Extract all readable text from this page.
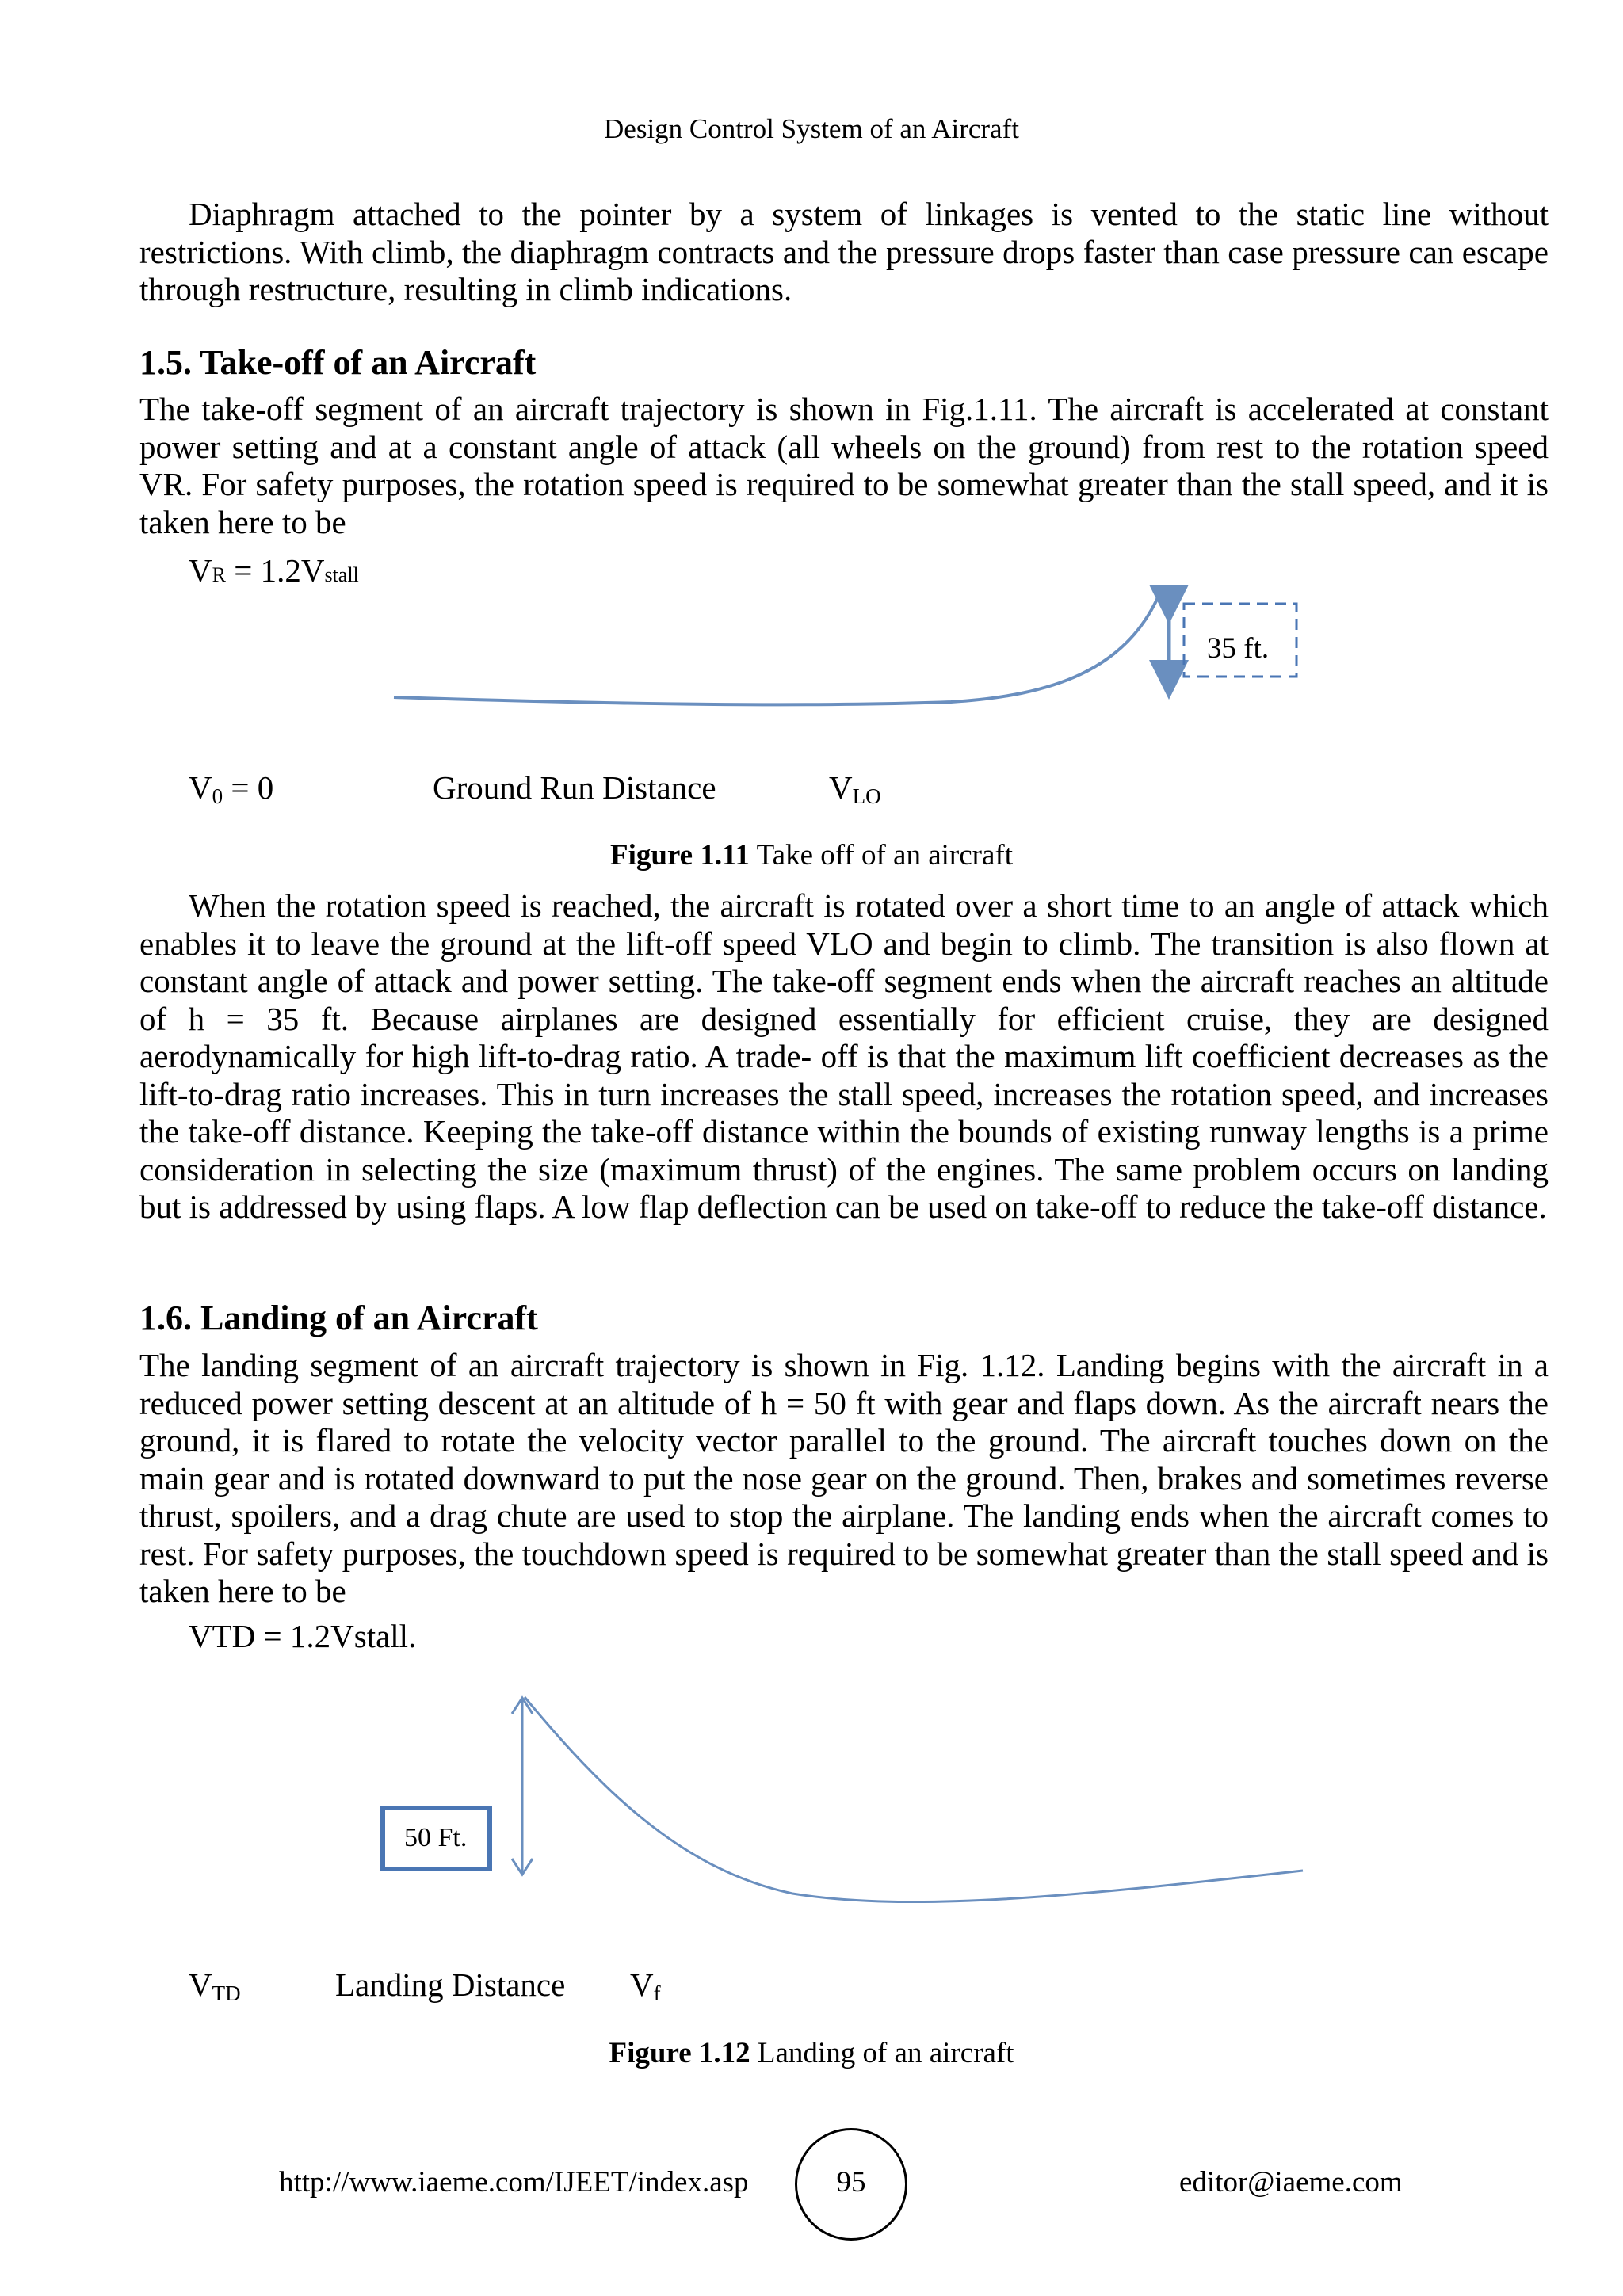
Design Control System of an Aircraft

Diaphragm attached to the pointer by a system of linkages is vented to the static line without restrictions. With climb, the diaphragm contracts and the pressure drops faster than case pressure can escape through restructure, resulting in climb indications.

1.5. Take-off of an Aircraft

The take-off segment of an aircraft trajectory is shown in Fig.1.11. The aircraft is accelerated at constant power setting and at a constant angle of attack (all wheels on the ground) from rest to the rotation speed VR. For safety purposes, the rotation speed is required to be somewhat greater than the stall speed, and it is taken here to be

VR = 1.2Vstall
35 ft.
$V_0 = 0$	Ground Run Distance	$V_{LO}$
Figure 1.11 Take off of an aircraft

When the rotation speed is reached, the aircraft is rotated over a short time to an angle of attack which enables it to leave the ground at the lift-off speed VLO and begin to climb. The transition is also flown at constant angle of attack and power setting. The take-off segment ends when the aircraft reaches an altitude of h = 35 ft. Because airplanes are designed essentially for efficient cruise, they are designed aerodynamically for high lift-to-drag ratio. A trade- off is that the maximum lift coefficient decreases as the lift-to-drag ratio increases. This in turn increases the stall speed, increases the rotation speed, and increases the take-off distance. Keeping the take-off distance within the bounds of existing runway lengths is a prime consideration in selecting the size (maximum thrust) of the engines. The same problem occurs on landing but is addressed by using flaps. A low flap deflection can be used on take-off to reduce the take-off distance.

1.6. Landing of an Aircraft

The landing segment of an aircraft trajectory is shown in Fig. 1.12. Landing begins with the aircraft in a reduced power setting descent at an altitude of h = 50 ft with gear and flaps down. As the aircraft nears the ground, it is flared to rotate the velocity vector parallel to the ground. The aircraft touches down on the main gear and is rotated downward to put the nose gear on the ground. Then, brakes and sometimes reverse thrust, spoilers, and a drag chute are used to stop the airplane. The landing ends when the aircraft comes to rest. For safety purposes, the touchdown speed is required to be somewhat greater than the stall speed and is taken here to be

VTD = 1.2Vstall.
50 Ft.
$V_{TD}$	Landing Distance $V_f$
Figure 1.12 Landing of an aircraft
http://www.iaeme.com/IJEET/index.asp	95	editor@iaeme.com
